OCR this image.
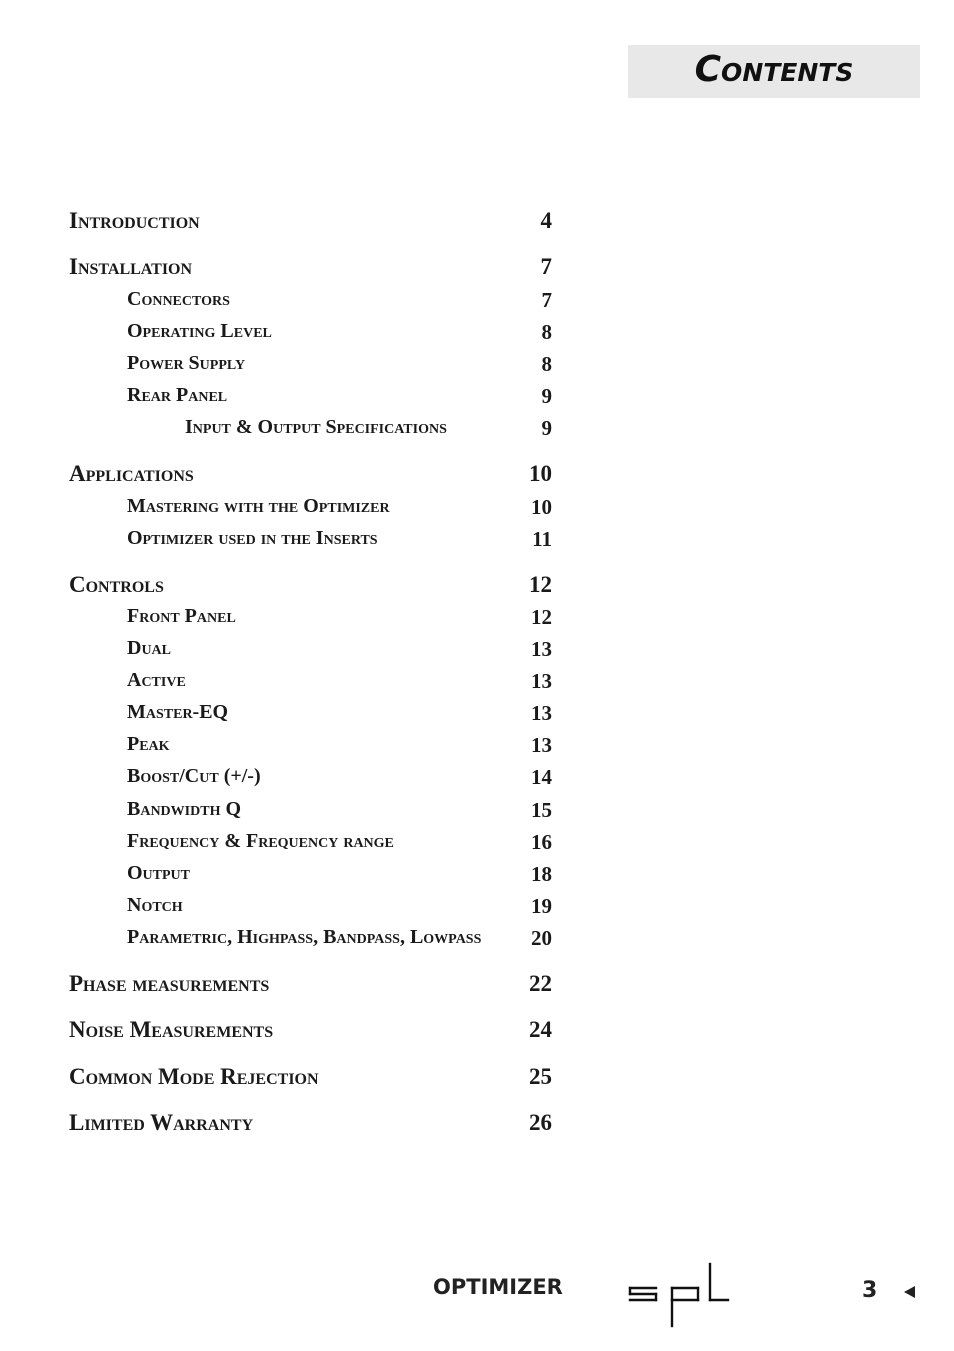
Contents
Introduction	4
Installation	7
Connectors	7
Operating Level	8
Power Supply	8
Rear Panel	9
Input & Output Specifications	9
Applications	10
Mastering with the Optimizer	10
Optimizer used in the Inserts	11
Controls	12
Front Panel	12
Dual	13
Active	13
Master-EQ	13
Peak	13
Boost/Cut (+/-)	14
Bandwidth Q	15
Frequency & Frequency range	16
Output	18
Notch	19
Parametric, Highpass, Bandpass, Lowpass 20
Phase measurements	22
Noise Measurements	24
Common Mode Rejection	25
Limited Warranty	26
OPTIMIZER	3
